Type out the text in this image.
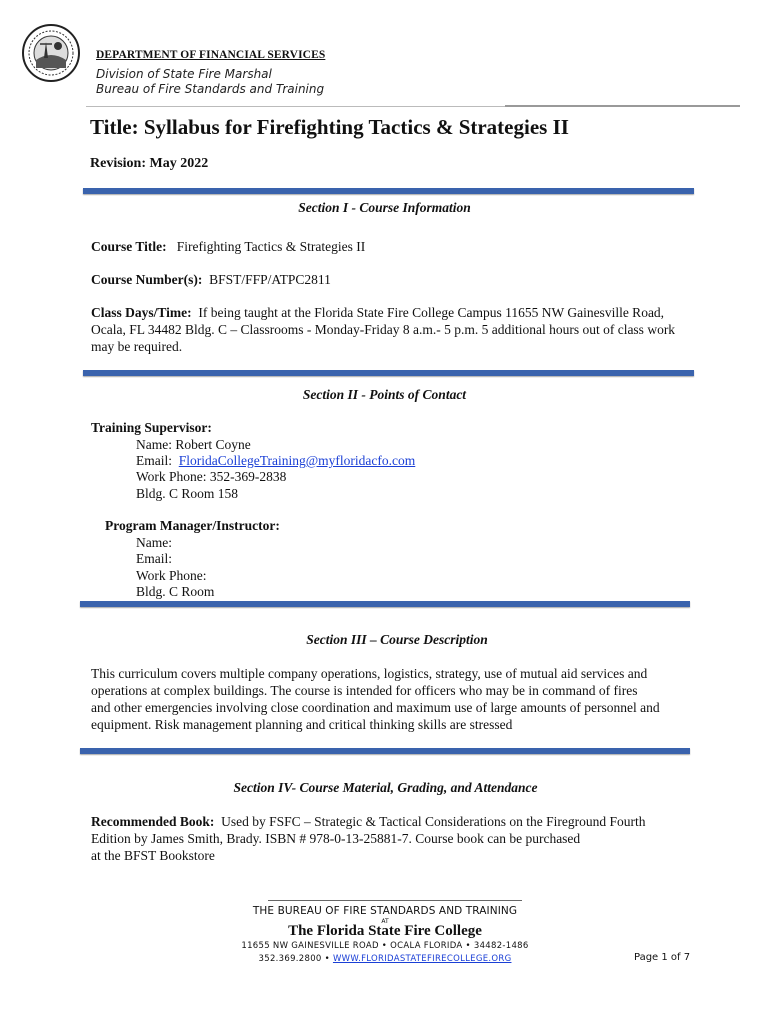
DEPARTMENT OF FINANCIAL SERVICES
Division of State Fire Marshal
Bureau of Fire Standards and Training
Title: Syllabus for Firefighting Tactics & Strategies II
Revision: May 2022
Section I - Course Information
Course Title: Firefighting Tactics & Strategies II
Course Number(s): BFST/FFP/ATPC2811
Class Days/Time: If being taught at the Florida State Fire College Campus 11655 NW Gainesville Road,
Ocala, FL 34482 Bldg. C – Classrooms - Monday-Friday 8 a.m.- 5 p.m. 5 additional hours out of class work
may be required.
Section II - Points of Contact
Training Supervisor:
Name: Robert Coyne
Email: FloridaCollegeTraining@myfloridacfo.com
Work Phone: 352-369-2838
Bldg. C Room 158
Program Manager/Instructor:
Name:
Email:
Work Phone:
Bldg. C Room
Section III – Course Description
This curriculum covers multiple company operations, logistics, strategy, use of mutual aid services and
operations at complex buildings. The course is intended for officers who may be in command of fires
and other emergencies involving close coordination and maximum use of large amounts of personnel and
equipment. Risk management planning and critical thinking skills are stressed
Section IV- Course Material, Grading, and Attendance
Recommended Book: Used by FSFC – Strategic & Tactical Considerations on the Fireground Fourth
Edition by James Smith, Brady. ISBN # 978-0-13-25881-7. Course book can be purchased
at the BFST Bookstore
THE BUREAU OF FIRE STANDARDS AND TRAINING
AT
The Florida State Fire College
11655 NW GAINESVILLE ROAD • OCALA FLORIDA • 34482-1486
352.369.2800 • WWW.FLORIDASTATEFIRECOLLEGE.ORG	Page 1 of 7
